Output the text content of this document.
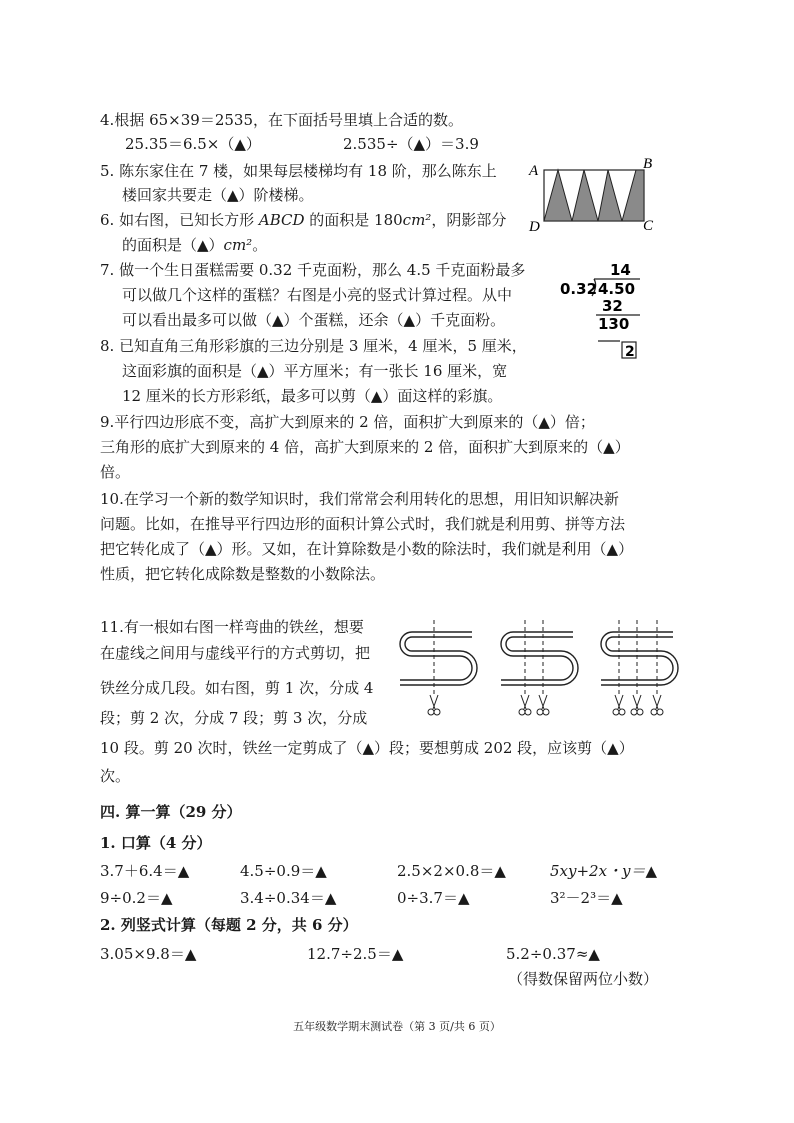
4.根据 65×39＝2535，在下面括号里填上合适的数。
25.35＝6.5×（▲）	2.535÷（▲）＝3.9
5. 陈东家住在 7 楼，如果每层楼梯均有 18 阶，那么陈东上
楼回家共要走（▲）阶楼梯。
6. 如右图，已知长方形 ABCD 的面积是 180cm²，阴影部分
的面积是（▲）cm²。
A	B
C
D
7. 做一个生日蛋糕需要 0.32 千克面粉，那么 4.5 千克面粉最多
可以做几个这样的蛋糕？右图是小亮的竖式计算过程。从中
可以看出最多可以做（▲）个蛋糕，还余（▲）千克面粉。
14
0.32 4.50
32
130
2
8. 已知直角三角形彩旗的三边分别是 3 厘米，4 厘米，5 厘米，
这面彩旗的面积是（▲）平方厘米；有一张长 16 厘米，宽
12 厘米的长方形彩纸，最多可以剪（▲）面这样的彩旗。
9.平行四边形底不变，高扩大到原来的 2 倍，面积扩大到原来的（▲）倍；
三角形的底扩大到原来的 4 倍，高扩大到原来的 2 倍，面积扩大到原来的（▲）
倍。
10.在学习一个新的数学知识时，我们常常会利用转化的思想，用旧知识解决新
问题。比如，在推导平行四边形的面积计算公式时，我们就是利用剪、拼等方法
把它转化成了（▲）形。又如，在计算除数是小数的除法时，我们就是利用（▲）
性质，把它转化成除数是整数的小数除法。
11.有一根如右图一样弯曲的铁丝，想要
在虚线之间用与虚线平行的方式剪切，把
铁丝分成几段。如右图，剪 1 次，分成 4
段；剪 2 次，分成 7 段；剪 3 次，分成
10 段。剪 20 次时，铁丝一定剪成了（▲）段；要想剪成 202 段，应该剪（▲）
次。
四. 算一算（29 分）
1. 口算（4 分）
3.7＋6.4＝▲	4.5÷0.9＝▲	2.5×2×0.8＝▲	5xy+2x・y＝▲
9÷0.2＝▲	3.4÷0.34＝▲	0÷3.7＝▲	3²－2³＝▲
2. 列竖式计算（每题 2 分，共 6 分）
3.05×9.8＝▲	12.7÷2.5＝▲	5.2÷0.37≈▲
（得数保留两位小数）
五年级数学期末测试卷（第 3 页/共 6 页）
